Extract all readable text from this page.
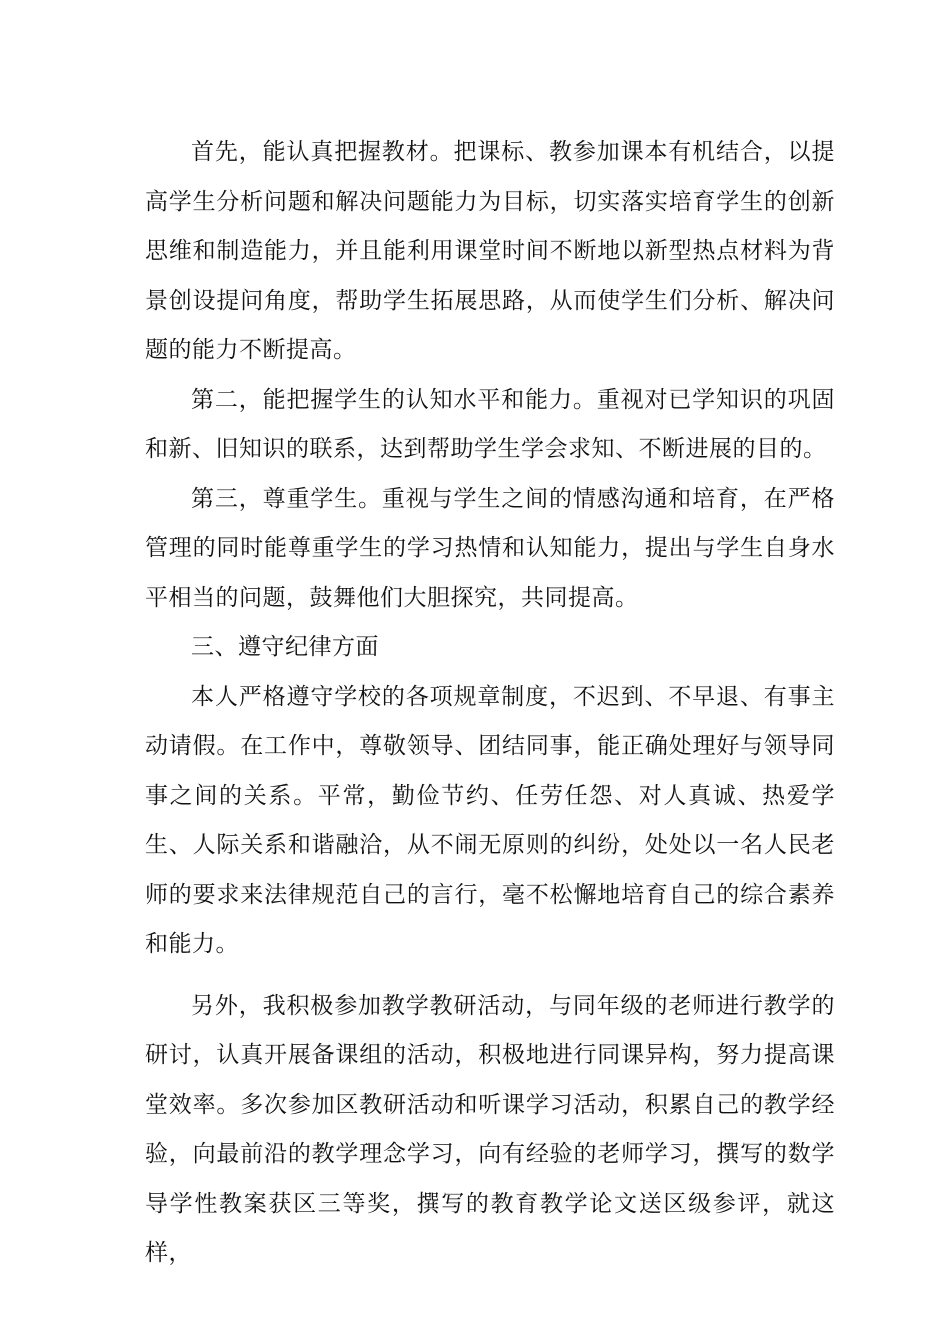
首先，能认真把握教材。把课标、教参加课本有机结合，以提高学生分析问题和解决问题能力为目标，切实落实培育学生的创新思维和制造能力，并且能利用课堂时间不断地以新型热点材料为背景创设提问角度，帮助学生拓展思路，从而使学生们分析、解决问题的能力不断提高。

第二，能把握学生的认知水平和能力。重视对已学知识的巩固和新、旧知识的联系，达到帮助学生学会求知、不断进展的目的。

第三，尊重学生。重视与学生之间的情感沟通和培育，在严格管理的同时能尊重学生的学习热情和认知能力，提出与学生自身水平相当的问题，鼓舞他们大胆探究，共同提高。

三、遵守纪律方面

本人严格遵守学校的各项规章制度，不迟到、不早退、有事主动请假。在工作中，尊敬领导、团结同事，能正确处理好与领导同事之间的关系。平常，勤俭节约、任劳任怨、对人真诚、热爱学生、人际关系和谐融洽，从不闹无原则的纠纷，处处以一名人民老师的要求来法律规范自己的言行，毫不松懈地培育自己的综合素养和能力。

另外，我积极参加教学教研活动，与同年级的老师进行教学的研讨，认真开展备课组的活动，积极地进行同课异构，努力提高课堂效率。多次参加区教研活动和听课学习活动，积累自己的教学经验，向最前沿的教学理念学习，向有经验的老师学习，撰写的数学导学性教案获区三等奖，撰写的教育教学论文送区级参评，就这样，
